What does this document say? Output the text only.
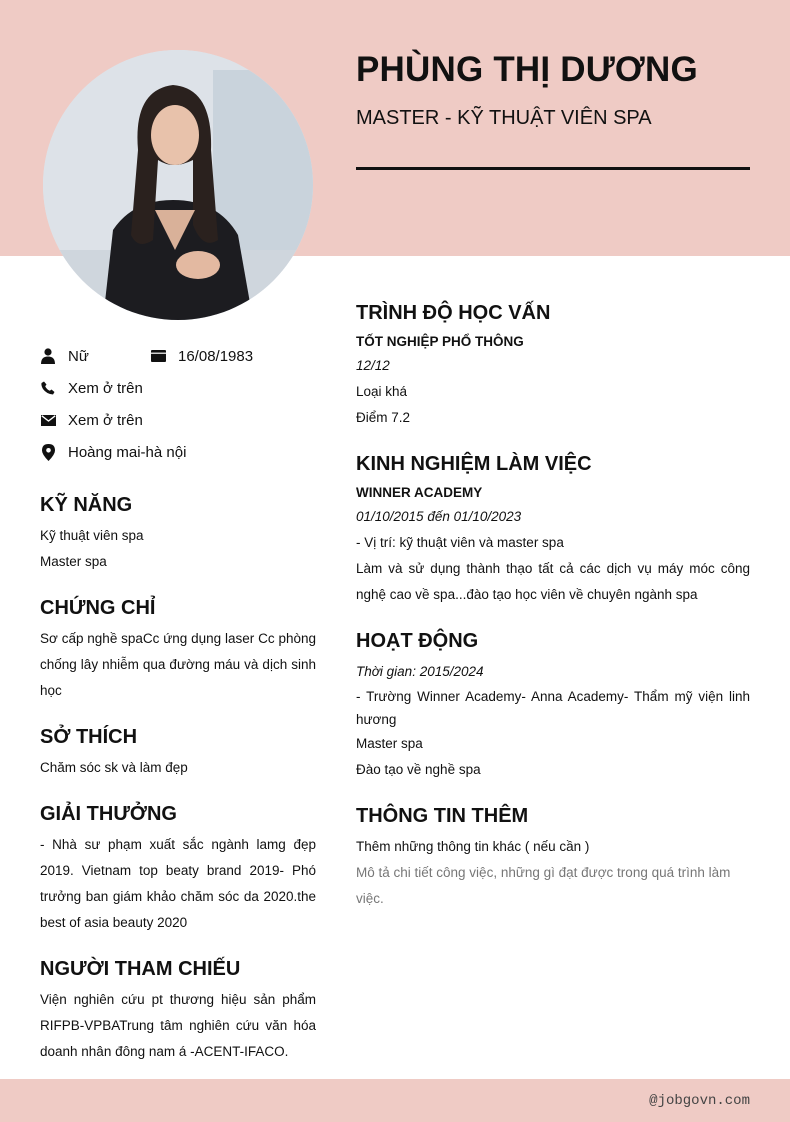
PHÙNG THỊ DƯƠNG
MASTER - KỸ THUẬT VIÊN SPA
Nữ	16/08/1983
Xem ở trên
Xem ở trên
Hoàng mai-hà nội
KỸ NĂNG
Kỹ thuật viên spa
Master spa
CHỨNG CHỈ
Sơ cấp nghề spaCc ứng dụng laser Cc phòng chống lây nhiễm qua đường máu và dịch sinh học
SỞ THÍCH
Chăm sóc sk và làm đẹp
GIẢI THƯỞNG
- Nhà sư phạm xuất sắc ngành lamg đẹp 2019. Vietnam top beaty brand 2019- Phó trưởng ban giám khảo chăm sóc da 2020.the best of asia beauty 2020
NGƯỜI THAM CHIẾU
Viện nghiên cứu pt thương hiệu sản phẩm RIFPB-VPBATrung tâm nghiên cứu văn hóa doanh nhân đông nam á -ACENT-IFACO.
TRÌNH ĐỘ HỌC VẤN
TỐT NGHIỆP PHỔ THÔNG
12/12
Loại khá
Điểm 7.2
KINH NGHIỆM LÀM VIỆC
WINNER ACADEMY
01/10/2015 đến 01/10/2023
- Vị trí: kỹ thuật viên và master spa
Làm và sử dụng thành thạo tất cả các dịch vụ máy móc công nghệ cao về spa...đào tạo học viên về chuyên ngành spa
HOẠT ĐỘNG
Thời gian: 2015/2024
- Trường Winner Academy- Anna Academy- Thẩm mỹ viện linh hương
Master spa
Đào tạo về nghề spa
THÔNG TIN THÊM
Thêm những thông tin khác ( nếu cần )
Mô tả chi tiết công việc, những gì đạt được trong quá trình làm việc.
@jobgovn.com
